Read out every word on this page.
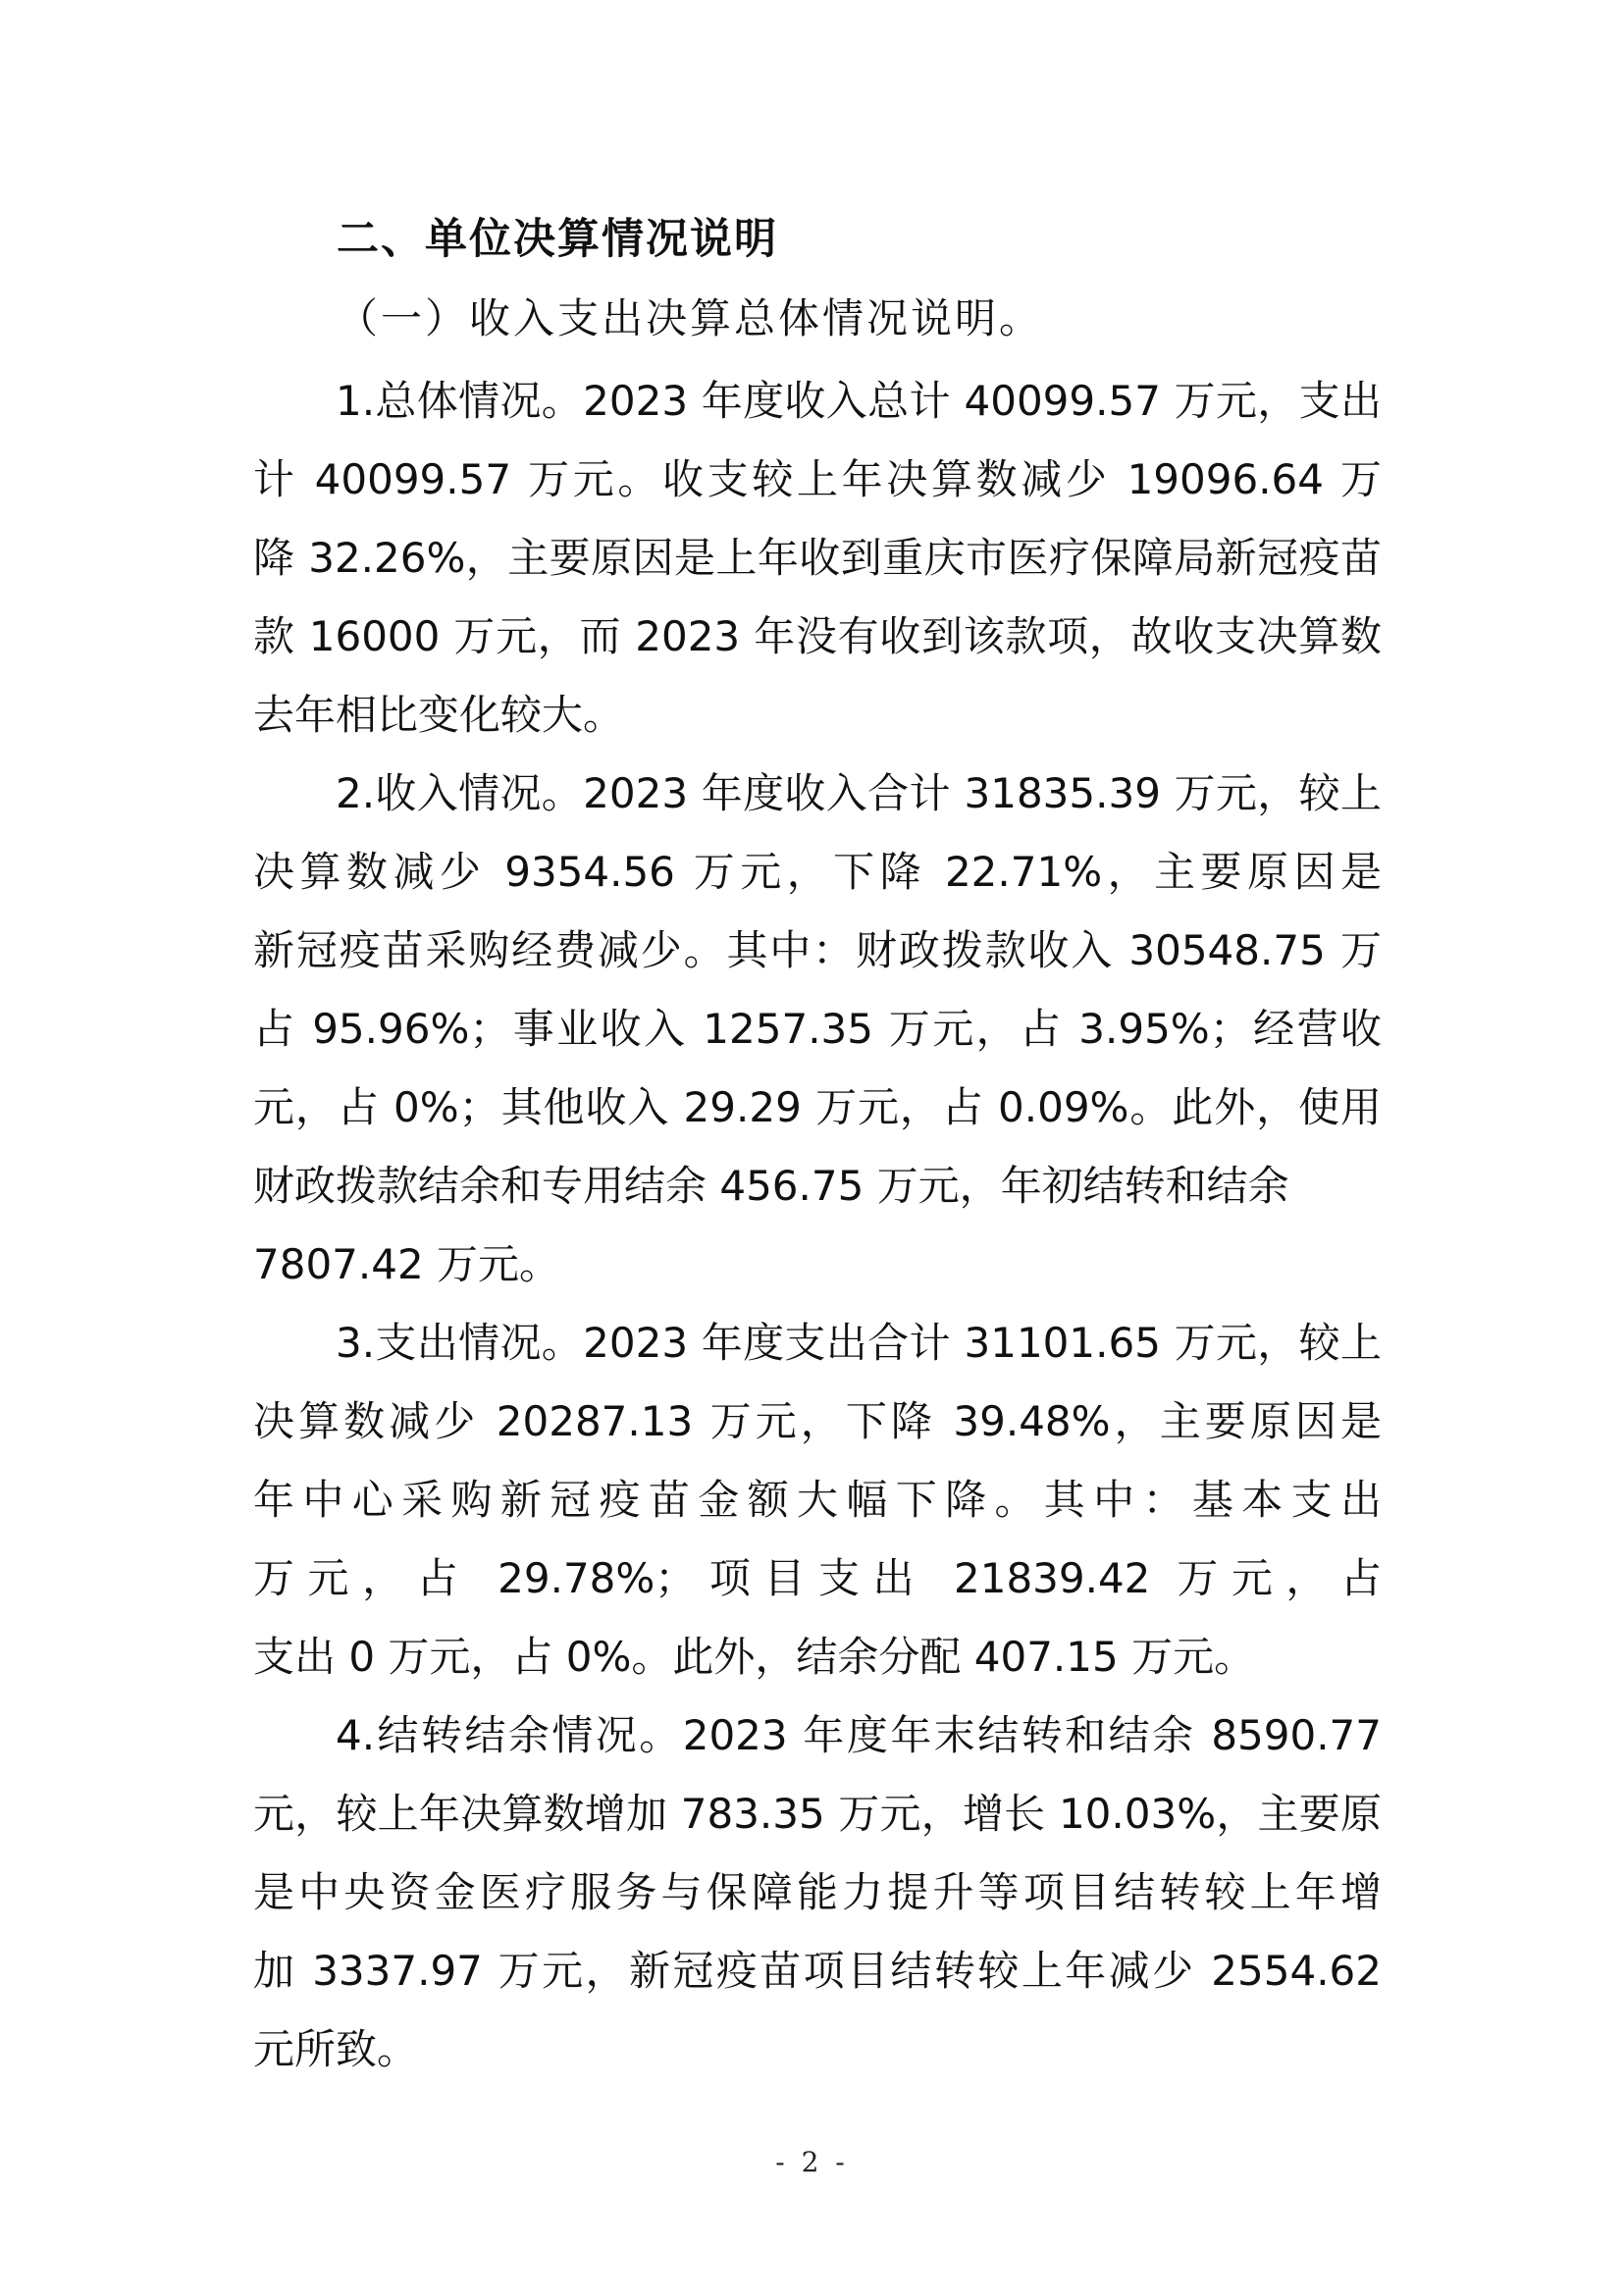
二、单位决算情况说明
（一）收入支出决算总体情况说明。
1.总体情况。2023 年度收入总计 40099.57 万元，支出
计 40099.57 万元。收支较上年决算数减少 19096.64 万
降 32.26%，主要原因是上年收到重庆市医疗保障局新冠疫苗
款 16000 万元，而 2023 年没有收到该款项，故收支决算数
去年相比变化较大。
2.收入情况。2023 年度收入合计 31835.39 万元，较上
决算数减少 9354.56 万元，下降 22.71%，主要原因是
新冠疫苗采购经费减少。其中：财政拨款收入 30548.75 万
占 95.96%；事业收入 1257.35 万元，占 3.95%；经营收
元，占 0%；其他收入 29.29 万元，占 0.09%。此外，使用
财政拨款结余和专用结余 456.75 万元，年初结转和结余
7807.42 万元。
3.支出情况。2023 年度支出合计 31101.65 万元，较上
决算数减少 20287.13 万元，下降 39.48%，主要原因是
年中心采购新冠疫苗金额大幅下降。其中：基本支出
万元，占 29.78%；项目支出 21839.42 万元，占
支出 0 万元，占 0%。此外，结余分配 407.15 万元。
4.结转结余情况。2023 年度年末结转和结余 8590.77
元，较上年决算数增加 783.35 万元，增长 10.03%，主要原
是中央资金医疗服务与保障能力提升等项目结转较上年增
加 3337.97 万元，新冠疫苗项目结转较上年减少 2554.62
元所致。
- 2 -
